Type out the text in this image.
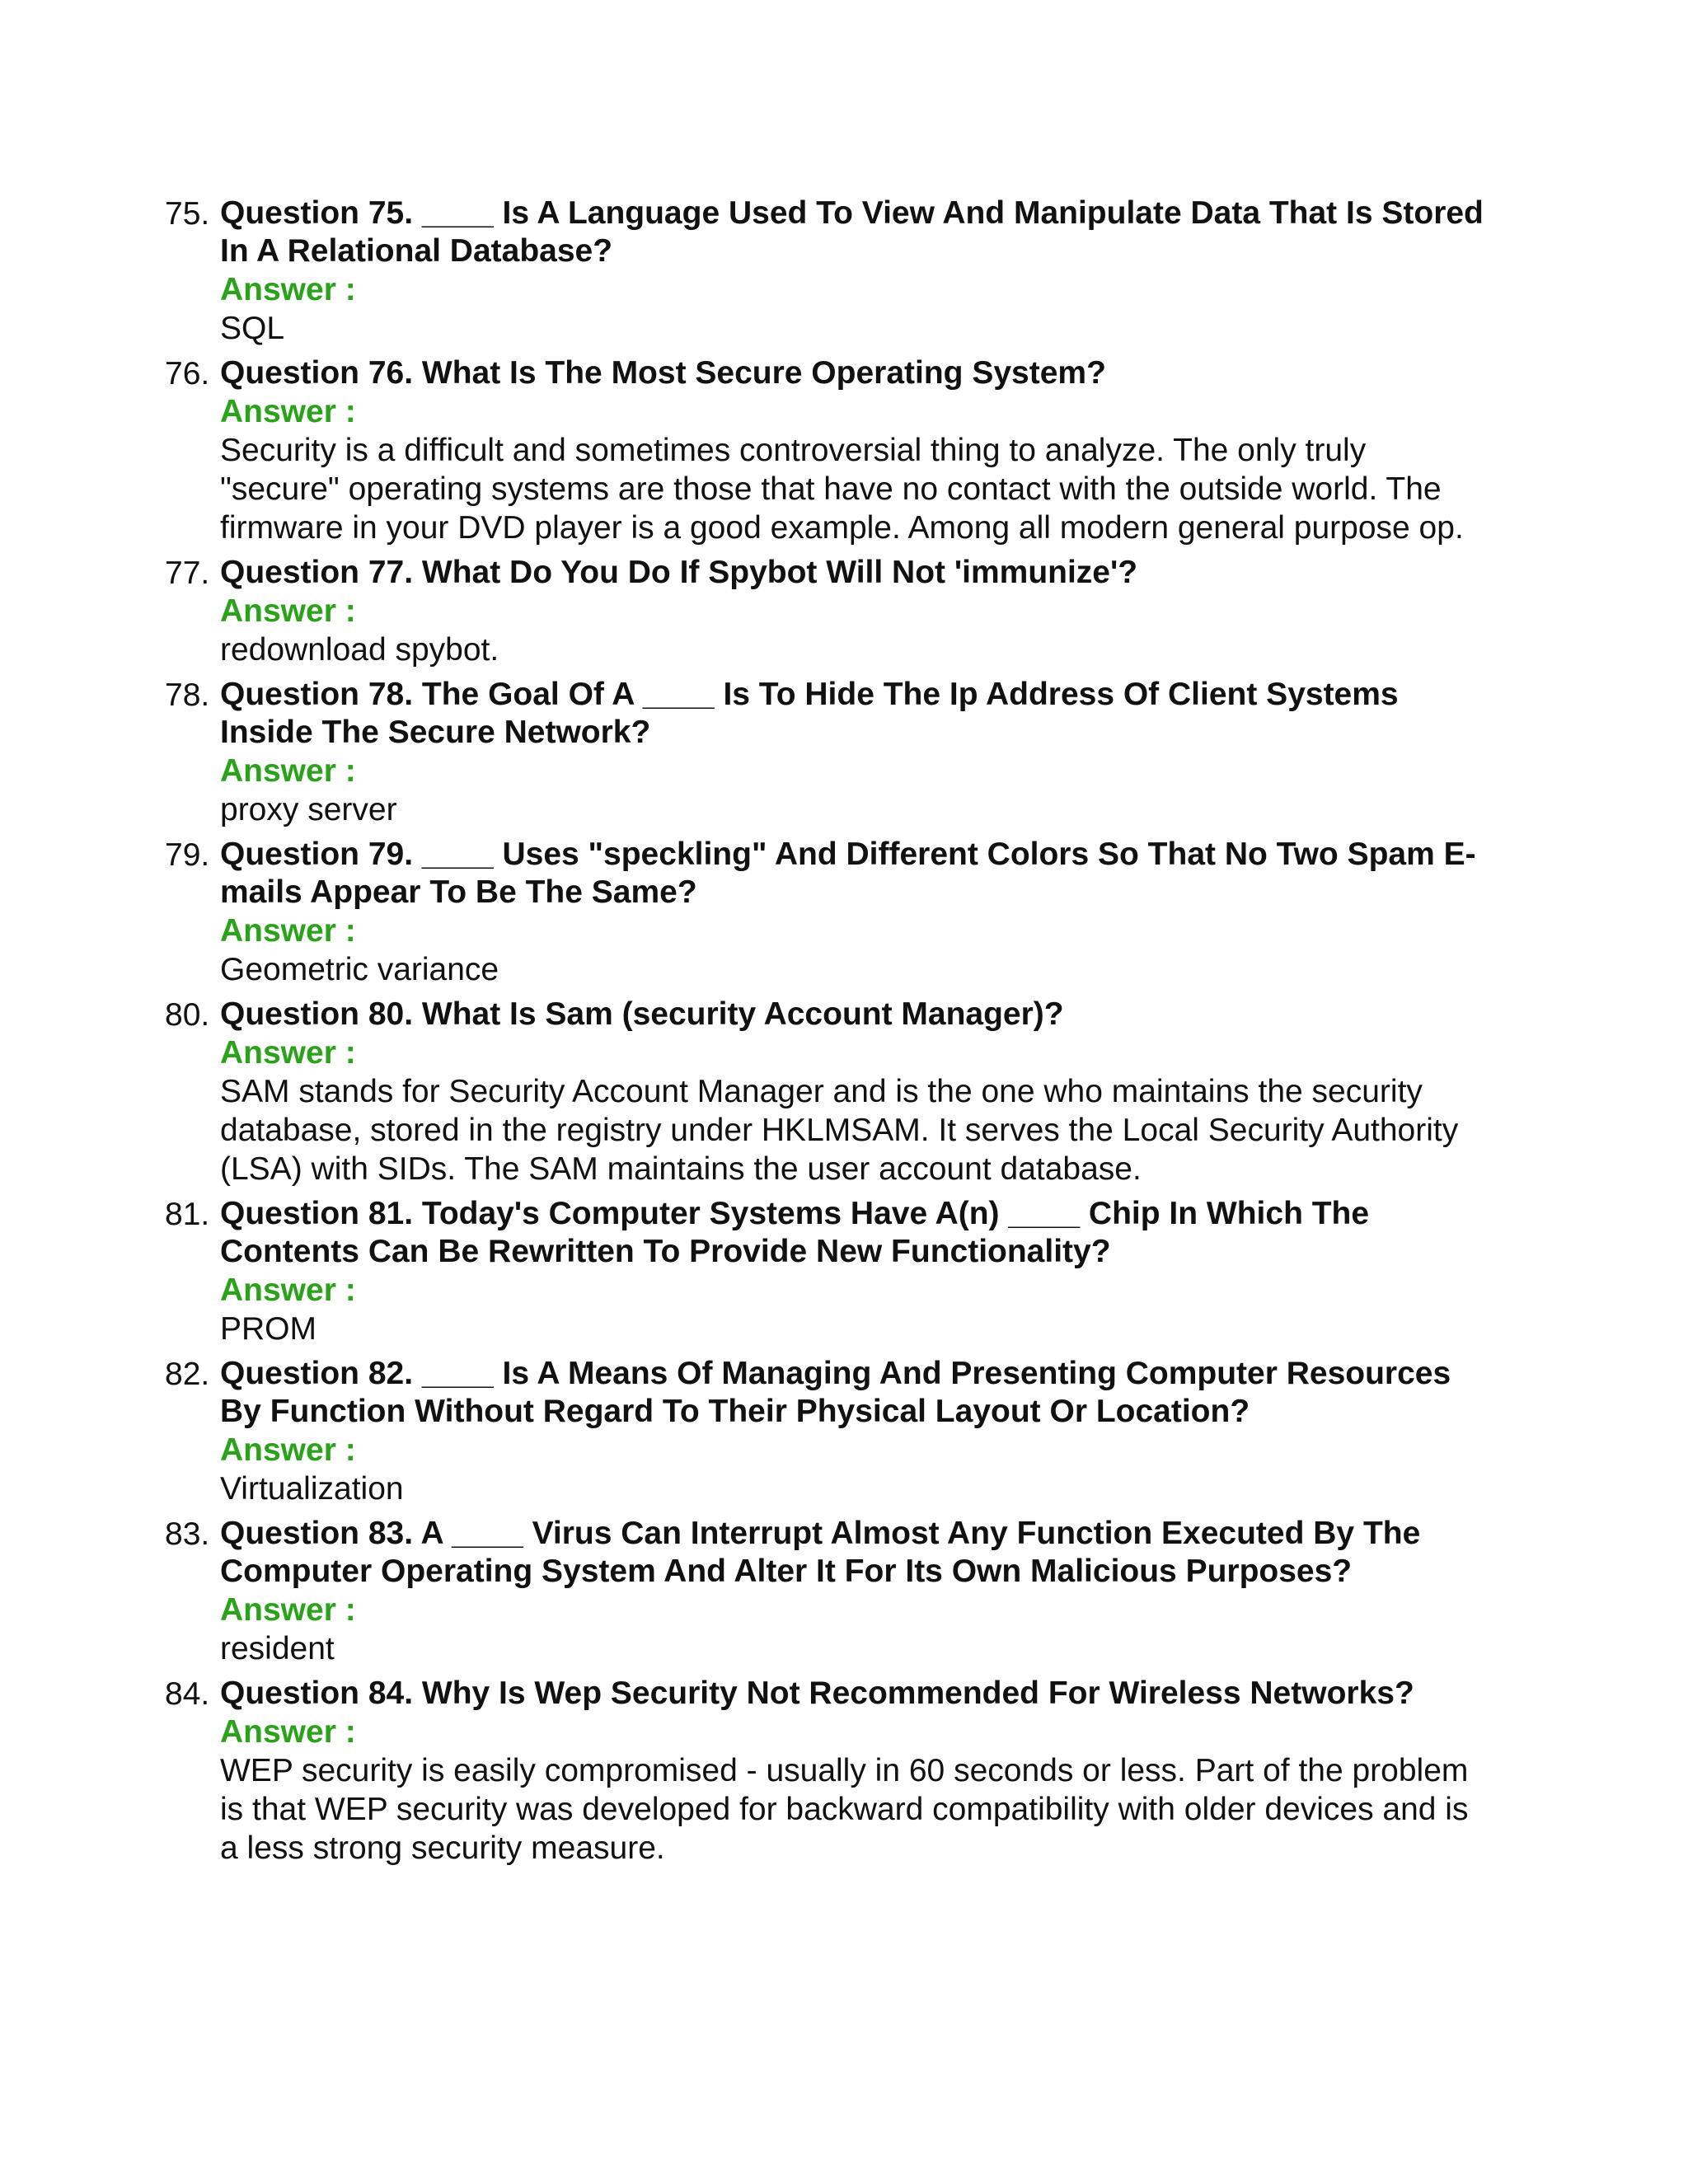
75. Question 75. ____ Is A Language Used To View And Manipulate Data That Is Stored In A Relational Database?
Answer :
SQL
76. Question 76. What Is The Most Secure Operating System?
Answer :
Security is a difficult and sometimes controversial thing to analyze. The only truly "secure" operating systems are those that have no contact with the outside world. The firmware in your DVD player is a good example. Among all modern general purpose op.
77. Question 77. What Do You Do If Spybot Will Not 'immunize'?
Answer :
redownload spybot.
78. Question 78. The Goal Of A ____ Is To Hide The Ip Address Of Client Systems Inside The Secure Network?
Answer :
proxy server
79. Question 79. ____ Uses "speckling" And Different Colors So That No Two Spam E-mails Appear To Be The Same?
Answer :
Geometric variance
80. Question 80. What Is Sam (security Account Manager)?
Answer :
SAM stands for Security Account Manager and is the one who maintains the security database, stored in the registry under HKLMSAM. It serves the Local Security Authority (LSA) with SIDs. The SAM maintains the user account database.
81. Question 81. Today's Computer Systems Have A(n) ____ Chip In Which The Contents Can Be Rewritten To Provide New Functionality?
Answer :
PROM
82. Question 82. ____ Is A Means Of Managing And Presenting Computer Resources By Function Without Regard To Their Physical Layout Or Location?
Answer :
Virtualization
83. Question 83. A ____ Virus Can Interrupt Almost Any Function Executed By The Computer Operating System And Alter It For Its Own Malicious Purposes?
Answer :
resident
84. Question 84. Why Is Wep Security Not Recommended For Wireless Networks?
Answer :
WEP security is easily compromised - usually in 60 seconds or less. Part of the problem is that WEP security was developed for backward compatibility with older devices and is a less strong security measure.
